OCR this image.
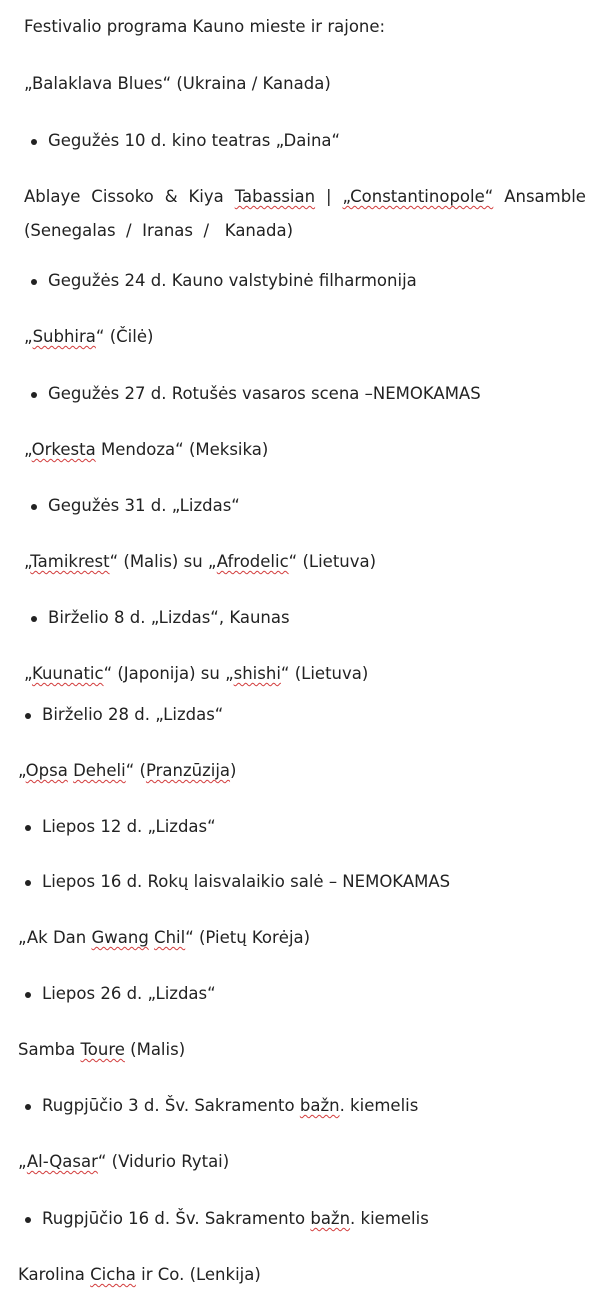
Festivalio programa Kauno mieste ir rajone:
„Balaklava Blues“ (Ukraina / Kanada)
Gegužės 10 d. kino teatras „Daina“
Ablaye Cissoko & Kiya Tabassian | „Constantinopole“ Ansamble
(Senegalas  /  Iranas  /   Kanada)
Gegužės 24 d. Kauno valstybinė filharmonija
„Subhira“ (Čilė)
Gegužės 27 d. Rotušės vasaros scena –NEMOKAMAS
„Orkesta Mendoza“ (Meksika)
Gegužės 31 d. „Lizdas“
„Tamikrest“ (Malis) su „Afrodelic“ (Lietuva)
Birželio 8 d. „Lizdas“, Kaunas
„Kuunatic“ (Japonija) su „shishi“ (Lietuva)
Birželio 28 d. „Lizdas“
„Opsa Deheli“ (Pranzūzija)
Liepos 12 d. „Lizdas“
Liepos 16 d. Rokų laisvalaikio salė – NEMOKAMAS
„Ak Dan Gwang Chil“ (Pietų Korėja)
Liepos 26 d. „Lizdas“
Samba Toure (Malis)
Rugpjūčio 3 d. Šv. Sakramento bažn. kiemelis
„Al-Qasar“ (Vidurio Rytai)
Rugpjūčio 16 d. Šv. Sakramento bažn. kiemelis
Karolina Cicha ir Co. (Lenkija)
